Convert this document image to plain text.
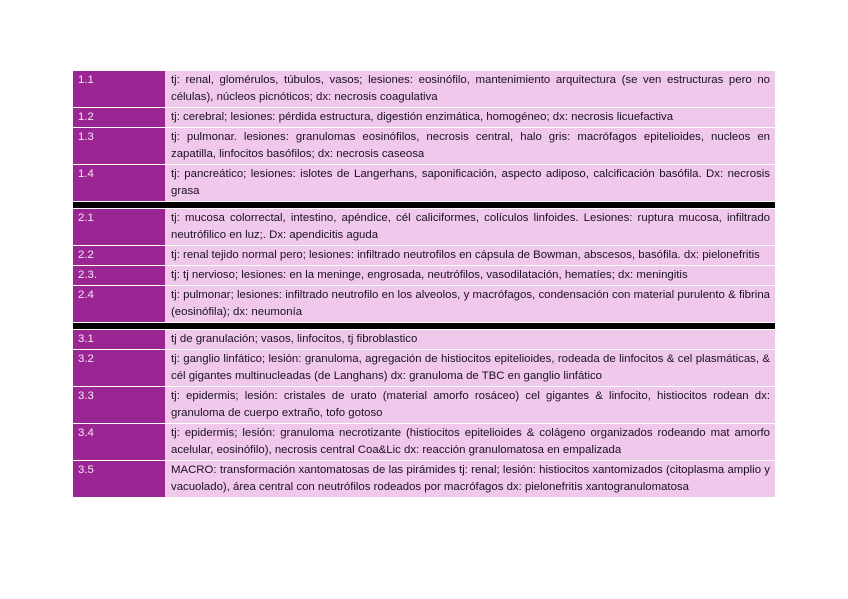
1.1	tj: renal, glomérulos, túbulos, vasos; lesiones: eosinófilo, mantenimiento arquitectura (se ven estructuras pero no células), núcleos picnóticos; dx: necrosis coagulativa
1.2	tj: cerebral; lesiones: pérdida estructura, digestión enzimática, homogéneo; dx: necrosis licuefactiva
1.3	tj: pulmonar. lesiones: granulomas eosinófilos, necrosis central, halo gris: macrófagos epitelioides, nucleos en zapatilla, linfocitos basófilos; dx: necrosis caseosa
1.4	tj: pancreático; lesiones: islotes de Langerhans, saponificación, aspecto adiposo, calcificación basófila. Dx: necrosis grasa

2.1	tj: mucosa colorrectal, intestino, apéndice, cél caliciformes, colículos linfoides. Lesiones: ruptura mucosa, infiltrado neutrófilico en luz;. Dx: apendicitis aguda
2.2	tj: renal tejido normal pero; lesiones: infiltrado neutrofilos en cápsula de Bowman, abscesos, basófila. dx: pielonefritis
2.3.	tj: tj nervioso; lesiones: en la meninge, engrosada, neutrófilos, vasodilatación, hematíes; dx: meningitis
2.4	tj: pulmonar; lesiones: infiltrado neutrofilo en los alveolos, y macrófagos, condensación con material purulento & fibrina (eosinófila); dx: neumonía

3.1	tj de granulación; vasos, linfocitos, tj fibroblastico
3.2	tj: ganglio linfático; lesión: granuloma, agregación de histiocitos epitelioides, rodeada de linfocitos & cel plasmáticas, & cél gigantes multinucleadas (de Langhans) dx: granuloma de TBC en ganglio linfático
3.3	tj: epidermis; lesión: cristales de urato (material amorfo rosáceo) cel gigantes & linfocito, histiocitos rodean dx: granuloma de cuerpo extraño, tofo gotoso
3.4	tj: epidermis; lesión: granuloma necrotizante (histiocitos epitelioides & colágeno organizados rodeando mat amorfo acelular, eosinófilo), necrosis central Coa&Lic dx: reacción granulomatosa en empalizada
3.5	MACRO: transformación xantomatosas de las pirámides tj: renal; lesión: histiocitos xantomizados (citoplasma amplio y vacuolado), área central con neutrófilos rodeados por macrófagos dx: pielonefritis xantogranulomatosa
